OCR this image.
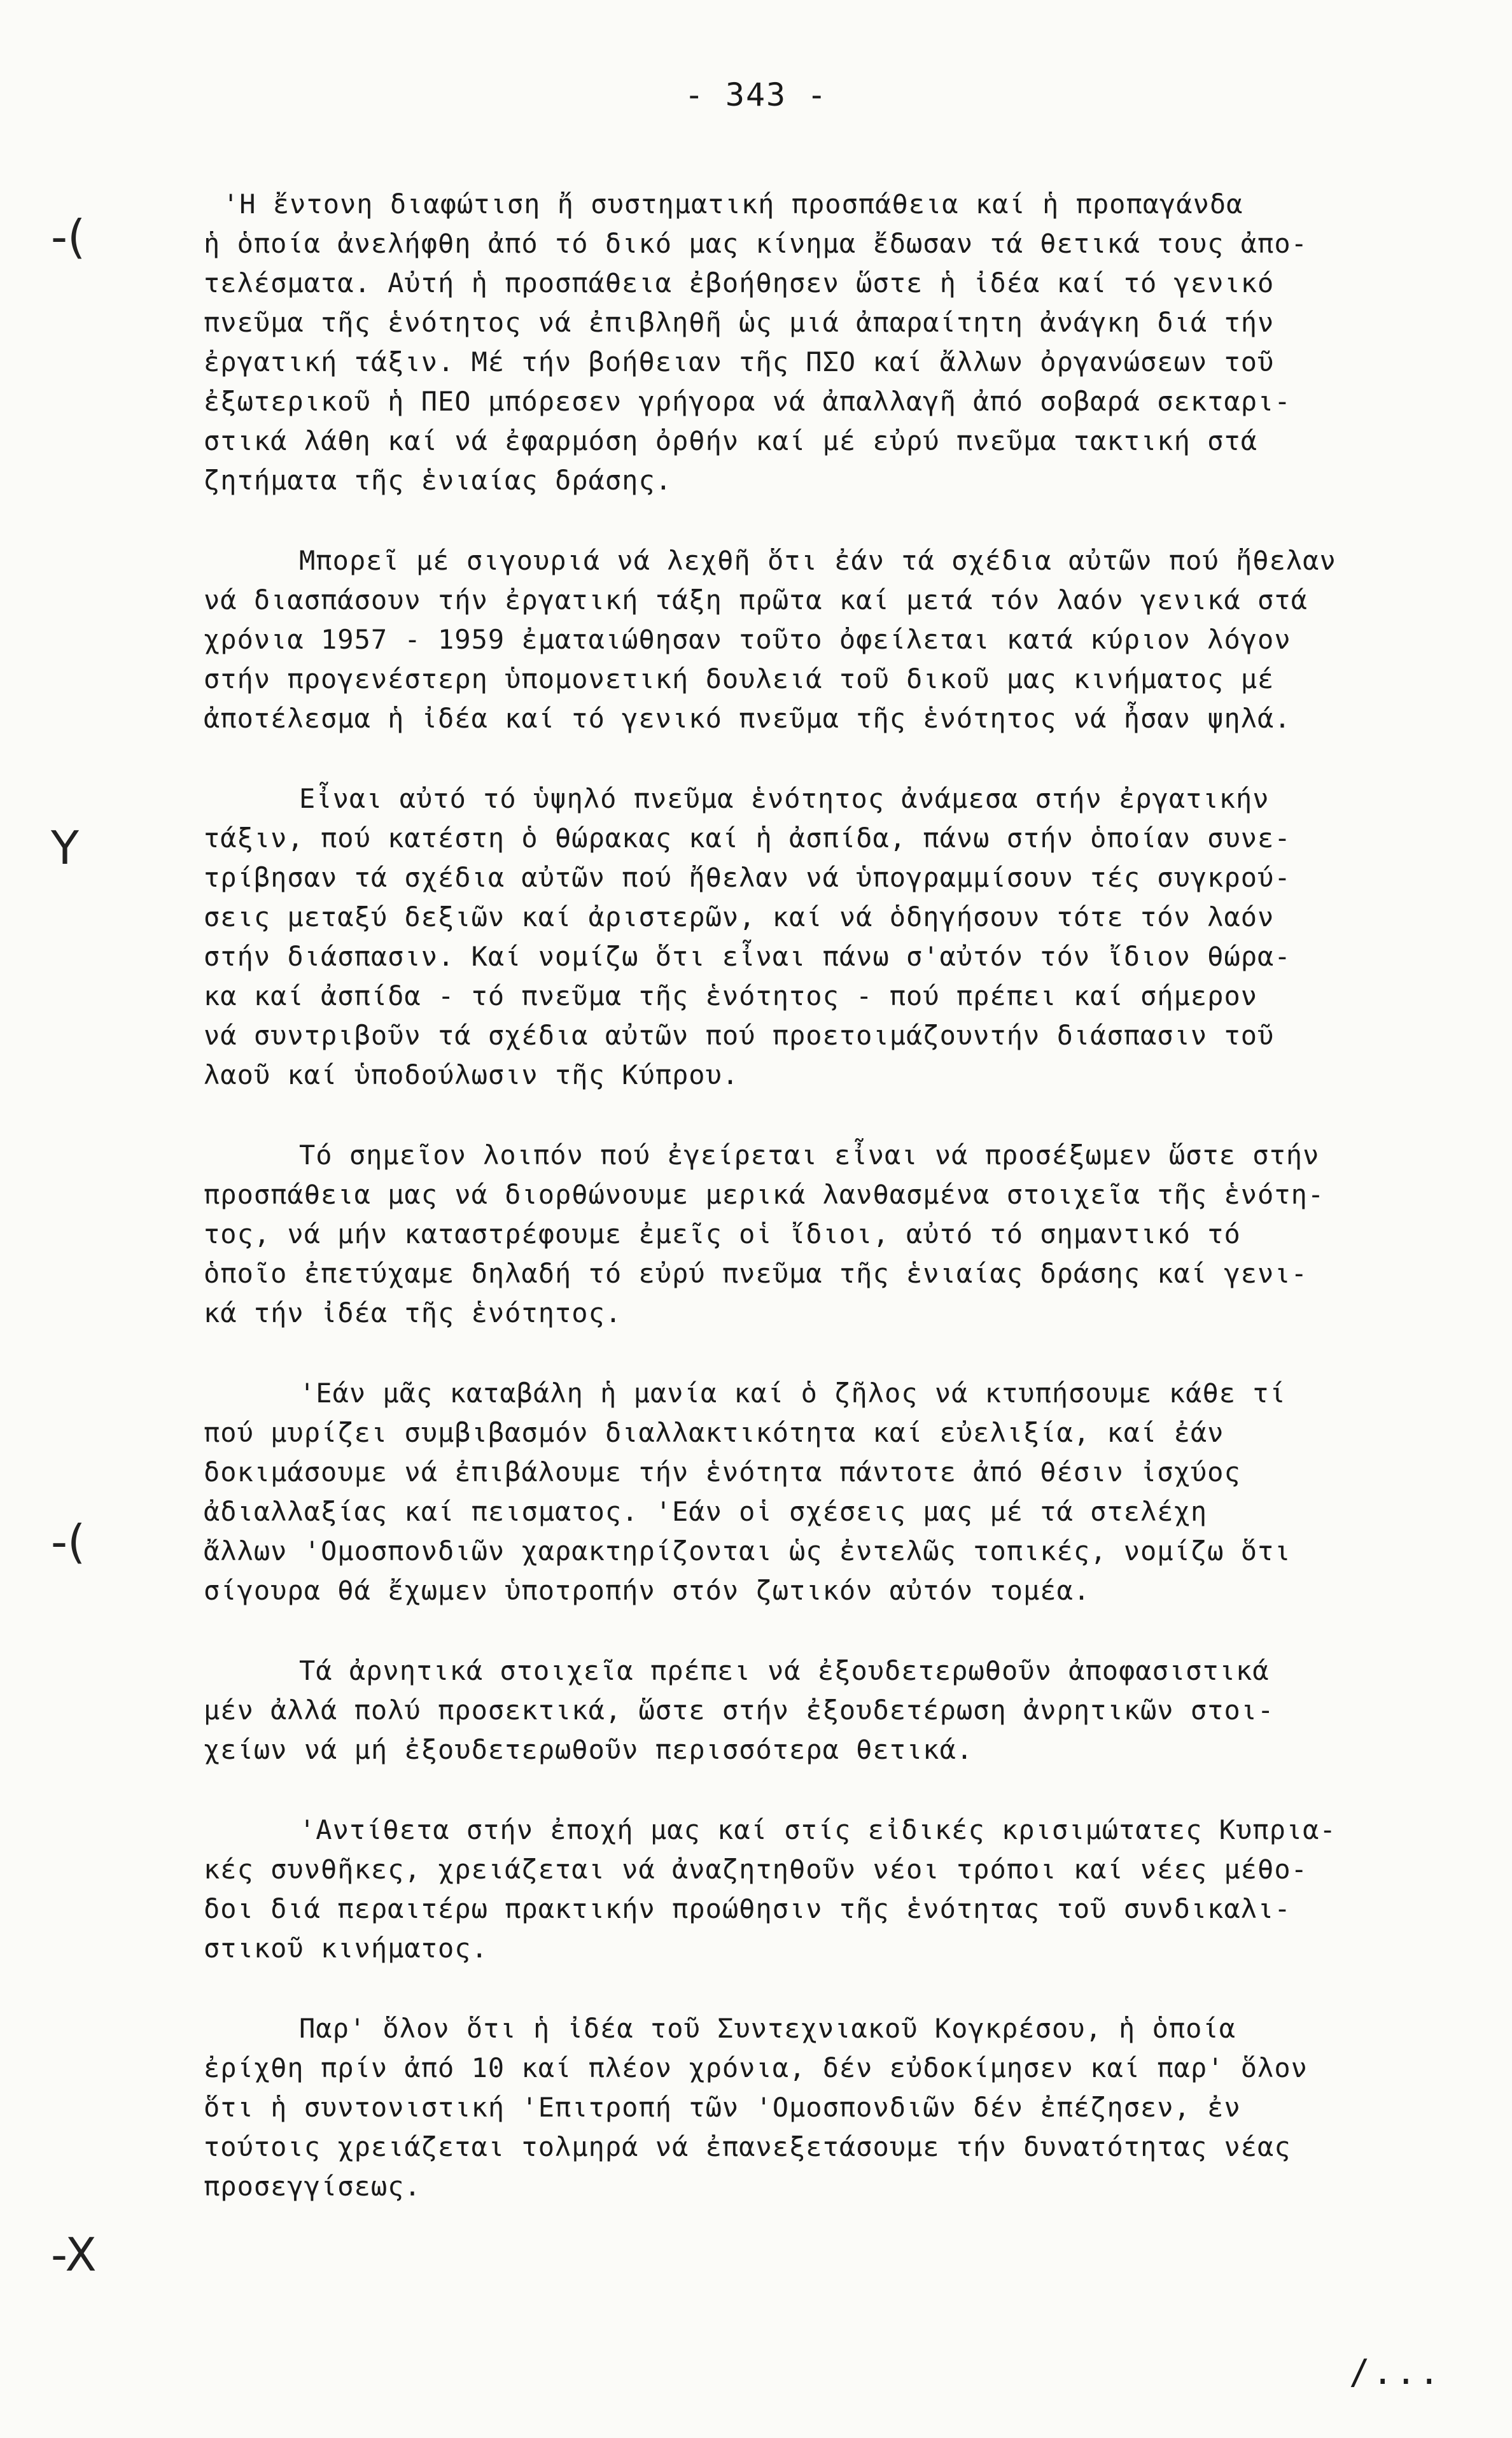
- 343 -
-(
Y
-(
-X
'Η ἔντονη διαφώτιση ἤ συστηματική προσπάθεια καί ἡ προπαγάνδα
ἡ ὁποία ἀνελήφθη ἀπό τό δικό μας κίνημα ἔδωσαν τά θετικά τους ἀπο-
τελέσματα. Αὐτή ἡ προσπάθεια ἐβοήθησεν ὥστε ἡ ἰδέα καί τό γενικό
πνεῦμα τῆς ἑνότητος νά ἐπιβληθῆ ὡς μιά ἀπαραίτητη ἀνάγκη διά τήν
ἐργατική τάξιν. Μέ τήν βοήθειαν τῆς ΠΣΟ καί ἄλλων ὀργανώσεων τοῦ
ἐξωτερικοῦ ἡ ΠΕΟ μπόρεσεν γρήγορα νά ἀπαλλαγῆ ἀπό σοβαρά σεκταρι-
στικά λάθη καί νά ἐφαρμόση ὀρθήν καί μέ εὐρύ πνεῦμα τακτική στά
ζητήματα τῆς ἑνιαίας δράσης.
Μπορεῖ μέ σιγουριά νά λεχθῆ ὅτι ἐάν τά σχέδια αὐτῶν πού ἤθελαν
νά διασπάσουν τήν ἐργατική τάξη πρῶτα καί μετά τόν λαόν γενικά στά
χρόνια 1957 - 1959 ἐματαιώθησαν τοῦτο ὀφείλεται κατά κύριον λόγον
στήν προγενέστερη ὑπομονετική δουλειά τοῦ δικοῦ μας κινήματος μέ
ἀποτέλεσμα ἡ ἰδέα καί τό γενικό πνεῦμα τῆς ἑνότητος νά ἦσαν ψηλά.
Εἶναι αὐτό τό ὑψηλό πνεῦμα ἑνότητος ἀνάμεσα στήν ἐργατικήν
τάξιν, πού κατέστη ὁ θώρακας καί ἡ ἀσπίδα, πάνω στήν ὁποίαν συνε-
τρίβησαν τά σχέδια αὐτῶν πού ἤθελαν νά ὑπογραμμίσουν τές συγκρού-
σεις μεταξύ δεξιῶν καί ἀριστερῶν, καί νά ὁδηγήσουν τότε τόν λαόν
στήν διάσπασιν. Καί νομίζω ὅτι εἶναι πάνω σ'αὐτόν τόν ἴδιον θώρα-
κα καί ἀσπίδα - τό πνεῦμα τῆς ἑνότητος - πού πρέπει καί σήμερον
νά συντριβοῦν τά σχέδια αὐτῶν πού προετοιμάζουντήν διάσπασιν τοῦ
λαοῦ καί ὑποδούλωσιν τῆς Κύπρου.
Τό σημεῖον λοιπόν πού ἐγείρεται εἶναι νά προσέξωμεν ὥστε στήν
προσπάθεια μας νά διορθώνουμε μερικά λανθασμένα στοιχεῖα τῆς ἑνότη-
τος, νά μήν καταστρέφουμε ἐμεῖς οἱ ἴδιοι, αὐτό τό σημαντικό τό
ὁποῖο ἐπετύχαμε δηλαδή τό εὐρύ πνεῦμα τῆς ἑνιαίας δράσης καί γενι-
κά τήν ἰδέα τῆς ἑνότητος.
'Εάν μᾶς καταβάλη ἡ μανία καί ὁ ζῆλος νά κτυπήσουμε κάθε τί
πού μυρίζει συμβιβασμόν διαλλακτικότητα καί εὐελιξία, καί ἐάν
δοκιμάσουμε νά ἐπιβάλουμε τήν ἑνότητα πάντοτε ἀπό θέσιν ἰσχύος
ἀδιαλλαξίας καί πεισματος. 'Εάν οἱ σχέσεις μας μέ τά στελέχη
ἄλλων 'Ομοσπονδιῶν χαρακτηρίζονται ὡς ἐντελῶς τοπικές, νομίζω ὅτι
σίγουρα θά ἔχωμεν ὑποτροπήν στόν ζωτικόν αὐτόν τομέα.
Τά ἀρνητικά στοιχεῖα πρέπει νά ἐξουδετερωθοῦν ἀποφασιστικά
μέν ἀλλά πολύ προσεκτικά, ὥστε στήν ἐξουδετέρωση ἀνρητικῶν στοι-
χείων νά μή ἐξουδετερωθοῦν περισσότερα θετικά.
'Αντίθετα στήν ἐποχή μας καί στίς εἰδικές κρισιμώτατες Κυπρια-
κές συνθῆκες, χρειάζεται νά ἀναζητηθοῦν νέοι τρόποι καί νέες μέθο-
δοι διά περαιτέρω πρακτικήν προώθησιν τῆς ἑνότητας τοῦ συνδικαλι-
στικοῦ κινήματος.
Παρ' ὅλον ὅτι ἡ ἰδέα τοῦ Συντεχνιακοῦ Κογκρέσου, ἡ ὁποία
ἐρίχθη πρίν ἀπό 10 καί πλέον χρόνια, δέν εὐδοκίμησεν καί παρ' ὅλον
ὅτι ἡ συντονιστική 'Επιτροπή τῶν 'Ομοσπονδιῶν δέν ἐπέζησεν, ἐν
τούτοις χρειάζεται τολμηρά νά ἐπανεξετάσουμε τήν δυνατότητας νέας
προσεγγίσεως.
/...
